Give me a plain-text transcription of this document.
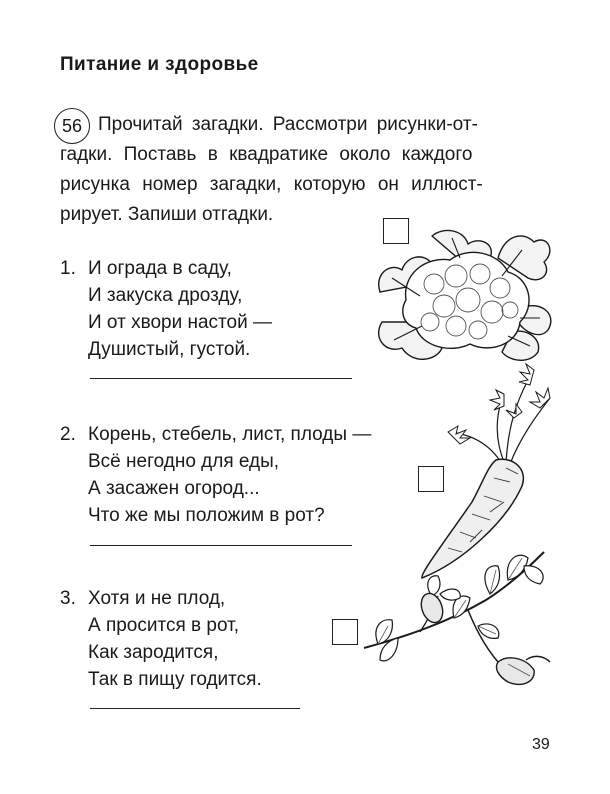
Питание и здоровье
56 Прочитай загадки. Рассмотри рисунки-от-
гадки. Поставь в квадратике около каждого
рисунка номер загадки, которую он иллюст-
рирует. Запиши отгадки.
1. И ограда в саду,
И закуска дрозду,
И от хвори настой —
Душистый, густой.
2. Корень, стебель, лист, плоды —
Всё негодно для еды,
А засажен огород...
Что же мы положим в рот?
3. Хотя и не плод,
А просится в рот,
Как зародится,
Так в пищу годится.
39
